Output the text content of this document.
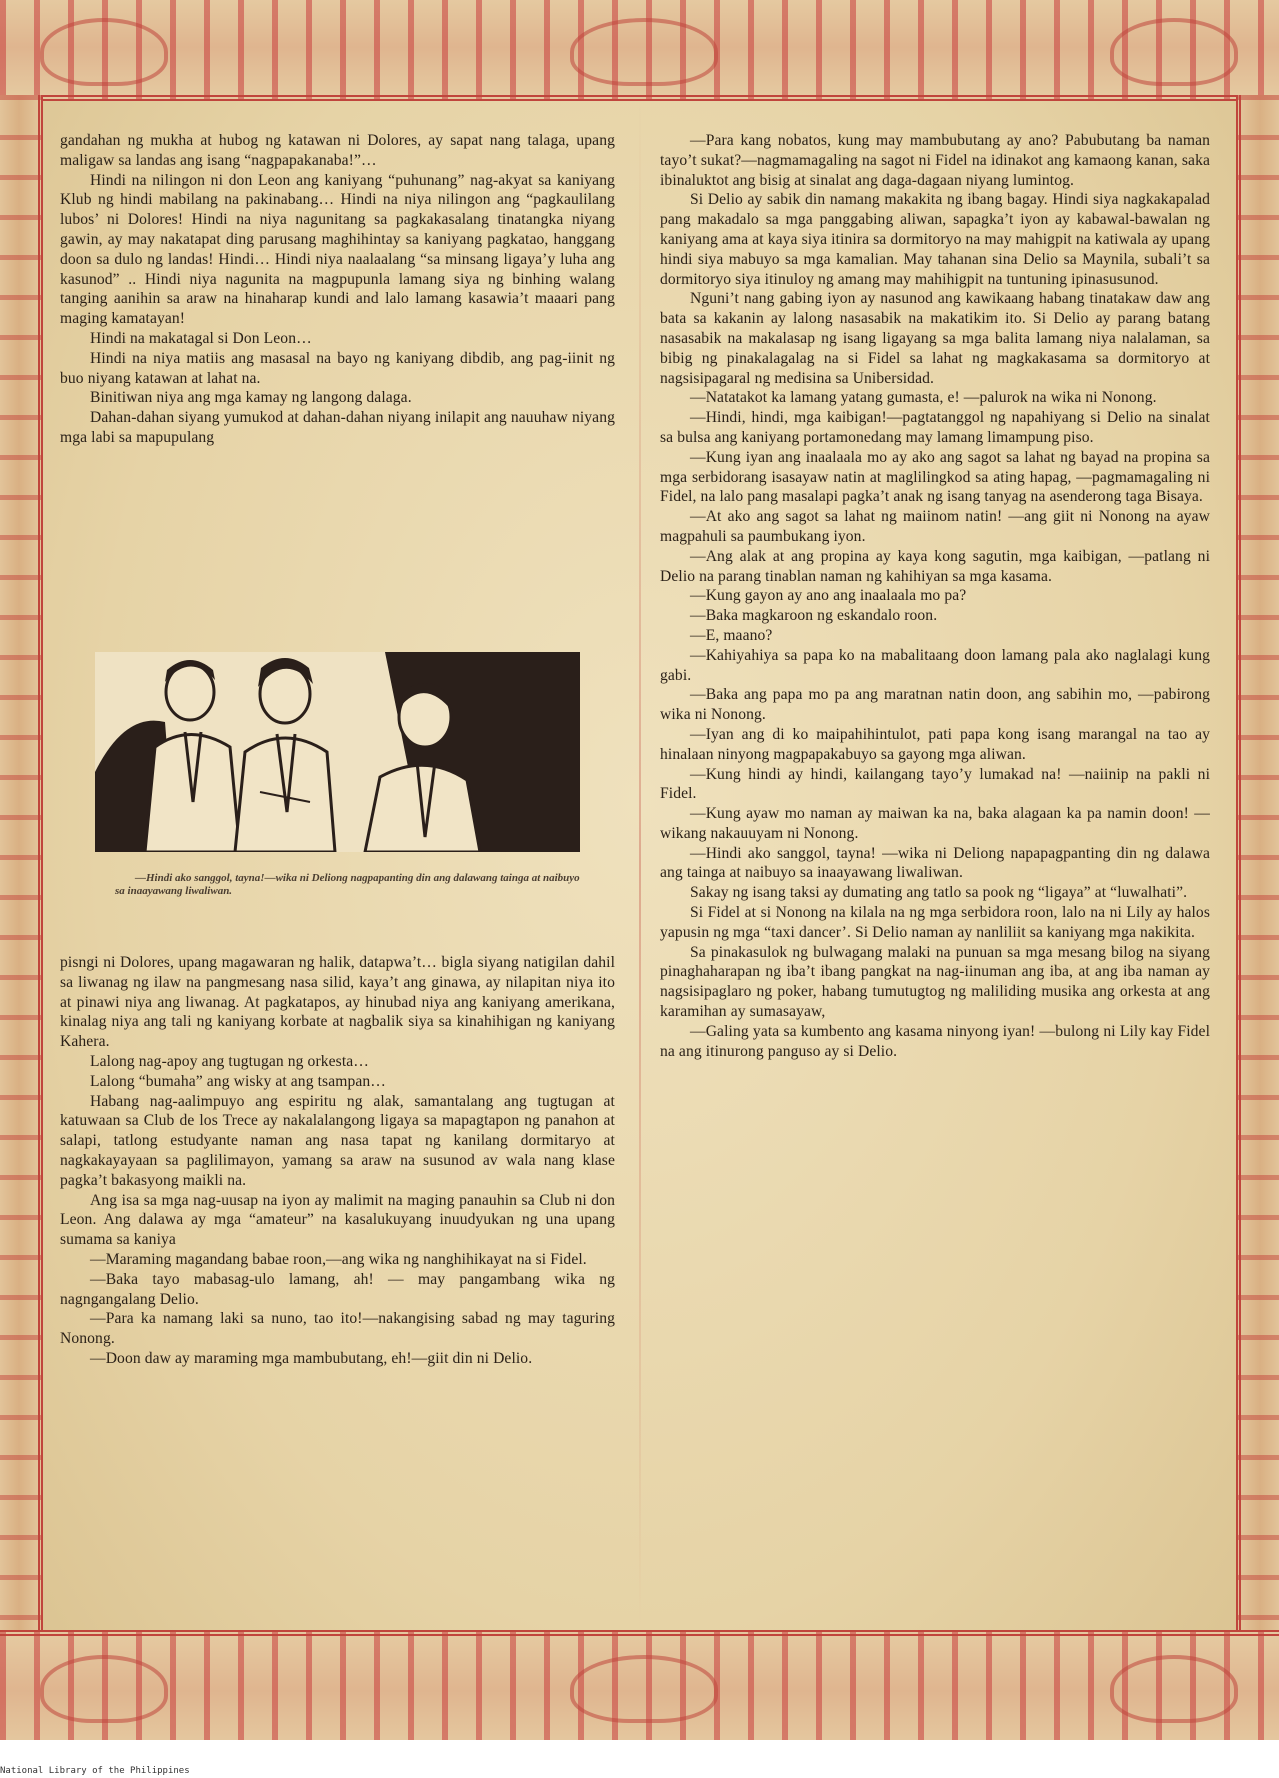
gandahan ng mukha at hubog ng katawan ni Dolores, ay sapat nang talaga, upang maligaw sa landas ang isang “nagpapakanaba!”…

Hindi na nilingon ni don Leon ang kaniyang “puhunang” nag-akyat sa kaniyang Klub ng hindi mabilang na pakinabang… Hindi na niya nilingon ang “pagkaulilang lubos’ ni Dolores! Hindi na niya nagunitang sa pagkakasalang tinatangka niyang gawin, ay may nakatapat ding parusang maghihintay sa kaniyang pagkatao, hanggang doon sa dulo ng landas! Hindi… Hindi niya naalaalang “sa minsang ligaya’y luha ang kasunod” .. Hindi niya nagunita na magpupunla lamang siya ng binhing walang tanging aanihin sa araw na hinaharap kundi and lalo lamang kasawia’t maaari pang maging kamatayan!

Hindi na makatagal si Don Leon…

Hindi na niya matiis ang masasal na bayo ng kaniyang dibdib, ang pag-iinit ng buo niyang katawan at lahat na.

Binitiwan niya ang mga kamay ng langong dalaga.

Dahan-dahan siyang yumukod at dahan-dahan niyang inilapit ang nauuhaw niyang mga labi sa mapupulang

—Hindi ako sanggol, tayna!—wika ni Deliong nagpapanting din ang dalawang tainga at naibuyo sa inaayawang liwaliwan.

pisngi ni Dolores, upang magawaran ng halik, datapwa’t… bigla siyang natigilan dahil sa liwanag ng ilaw na pangmesang nasa silid, kaya’t ang ginawa, ay nilapitan niya ito at pinawi niya ang liwanag. At pagkatapos, ay hinubad niya ang kaniyang amerikana, kinalag niya ang tali ng kaniyang korbate at nagbalik siya sa kinahihigan ng kaniyang Kahera.

Lalong nag-apoy ang tugtugan ng orkesta…

Lalong “bumaha” ang wisky at ang tsampan…

Habang nag-aalimpuyo ang espiritu ng alak, samantalang ang tugtugan at katuwaan sa Club de los Trece ay nakalalangong ligaya sa mapagtapon ng panahon at salapi, tatlong estudyante naman ang nasa tapat ng kanilang dormitaryo at nagkakayayaan sa paglilimayon, yamang sa araw na susunod av wala nang klase pagka’t bakasyong maikli na.

Ang isa sa mga nag-uusap na iyon ay malimit na maging panauhin sa Club ni don Leon. Ang dalawa ay mga “amateur” na kasalukuyang inuudyukan ng una upang sumama sa kaniya

—Maraming magandang babae roon,—ang wika ng nanghihikayat na si Fidel.

—Baka tayo mabasag-ulo lamang, ah! — may pangambang wika ng nagngangalang Delio.

—Para ka namang laki sa nuno, tao ito!—nakangising sabad ng may taguring Nonong.

—Doon daw ay maraming mga mambubutang, eh!—giit din ni Delio.

—Para kang nobatos, kung may mambubutang ay ano? Pabubutang ba naman tayo’t sukat?—nagmamagaling na sagot ni Fidel na idinakot ang kamaong kanan, saka ibinaluktot ang bisig at sinalat ang daga-dagaan niyang lumintog.

Si Delio ay sabik din namang makakita ng ibang bagay. Hindi siya nagkakapalad pang makadalo sa mga panggabing aliwan, sapagka’t iyon ay kabawal-bawalan ng kaniyang ama at kaya siya itinira sa dormitoryo na may mahigpit na katiwala ay upang hindi siya mabuyo sa mga kamalian. May tahanan sina Delio sa Maynila, subali’t sa dormitoryo siya itinuloy ng amang may mahihigpit na tuntuning ipinasusunod.

Nguni’t nang gabing iyon ay nasunod ang kawikaang habang tinatakaw daw ang bata sa kakanin ay lalong nasasabik na makatikim ito. Si Delio ay parang batang nasasabik na makalasap ng isang ligayang sa mga balita lamang niya nalalaman, sa bibig ng pinakalagalag na si Fidel sa lahat ng magkakasama sa dormitoryo at nagsisipagaral ng medisina sa Unibersidad.

—Natatakot ka lamang yatang gumasta, e! —palurok na wika ni Nonong.

—Hindi, hindi, mga kaibigan!—pagtatanggol ng napahiyang si Delio na sinalat sa bulsa ang kaniyang portamonedang may lamang limampung piso.

—Kung iyan ang inaalaala mo ay ako ang sagot sa lahat ng bayad na propina sa mga serbidorang isasayaw natin at maglilingkod sa ating hapag, —pagmamagaling ni Fidel, na lalo pang masalapi pagka’t anak ng isang tanyag na asenderong taga Bisaya.

—At ako ang sagot sa lahat ng maiinom natin! —ang giit ni Nonong na ayaw magpahuli sa paumbukang iyon.

—Ang alak at ang propina ay kaya kong sagutin, mga kaibigan, —patlang ni Delio na parang tinablan naman ng kahihiyan sa mga kasama.

—Kung gayon ay ano ang inaalaala mo pa?

—Baka magkaroon ng eskandalo roon.

—E, maano?

—Kahiyahiya sa papa ko na mabalitaang doon lamang pala ako naglalagi kung gabi.

—Baka ang papa mo pa ang maratnan natin doon, ang sabihin mo, —pabirong wika ni Nonong.

—Iyan ang di ko maipahihintulot, pati papa kong isang marangal na tao ay hinalaan ninyong magpapakabuyo sa gayong mga aliwan.

—Kung hindi ay hindi, kailangang tayo’y lumakad na! —naiinip na pakli ni Fidel.

—Kung ayaw mo naman ay maiwan ka na, baka alagaan ka pa namin doon! —wikang nakauuyam ni Nonong.

—Hindi ako sanggol, tayna! —wika ni Deliong napapagpanting din ng dalawa ang tainga at naibuyo sa inaayawang liwaliwan.

Sakay ng isang taksi ay dumating ang tatlo sa pook ng “ligaya” at “luwalhati”.

Si Fidel at si Nonong na kilala na ng mga serbidora roon, lalo na ni Lily ay halos yapusin ng mga “taxi dancer’. Si Delio naman ay nanliliit sa kaniyang mga nakikita.

Sa pinakasulok ng bulwagang malaki na punuan sa mga mesang bilog na siyang pinaghaharapan ng iba’t ibang pangkat na nag-iinuman ang iba, at ang iba naman ay nagsisipaglaro ng poker, habang tumutugtog ng maliliding musika ang orkesta at ang karamihan ay sumasayaw,

—Galing yata sa kumbento ang kasama ninyong iyan! —bulong ni Lily kay Fidel na ang itinurong panguso ay si Delio.

National Library of the Philippines
